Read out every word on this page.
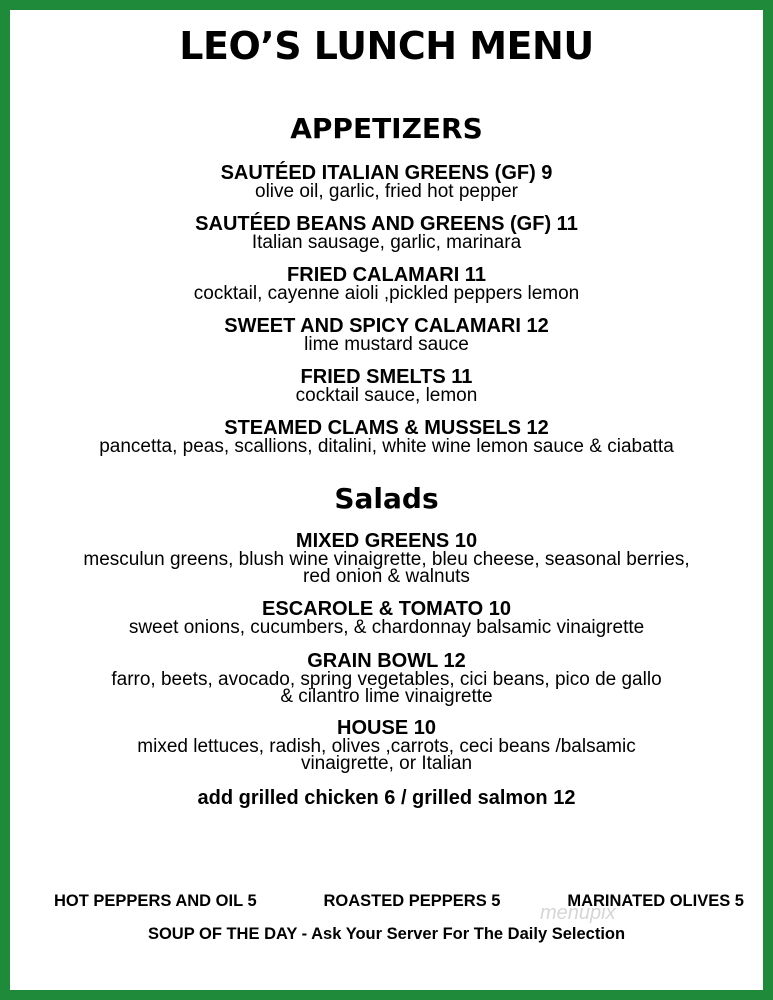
LEO’S LUNCH MENU
APPETIZERS
SAUTÉED ITALIAN GREENS (GF) 9
olive oil, garlic, fried hot pepper
SAUTÉED BEANS AND GREENS (GF) 11
Italian sausage, garlic, marinara
FRIED CALAMARI 11
cocktail, cayenne aioli ,pickled peppers lemon
SWEET AND SPICY CALAMARI 12
lime mustard sauce
FRIED SMELTS 11
cocktail sauce, lemon
STEAMED CLAMS & MUSSELS 12
pancetta, peas, scallions, ditalini, white wine lemon sauce & ciabatta
Salads
MIXED GREENS 10
mesculun greens, blush wine vinaigrette, bleu cheese, seasonal berries,
red onion & walnuts
ESCAROLE & TOMATO 10
sweet onions, cucumbers, & chardonnay balsamic vinaigrette
GRAIN BOWL 12
farro, beets, avocado, spring vegetables, cici beans, pico de gallo
& cilantro lime vinaigrette
HOUSE 10
mixed lettuces, radish, olives ,carrots, ceci beans /balsamic
vinaigrette, or Italian
add grilled chicken 6 / grilled salmon 12
HOT PEPPERS AND OIL 5	ROASTED PEPPERS 5	MARINATED OLIVES 5
menupix
SOUP OF THE DAY - Ask Your Server For The Daily Selection
